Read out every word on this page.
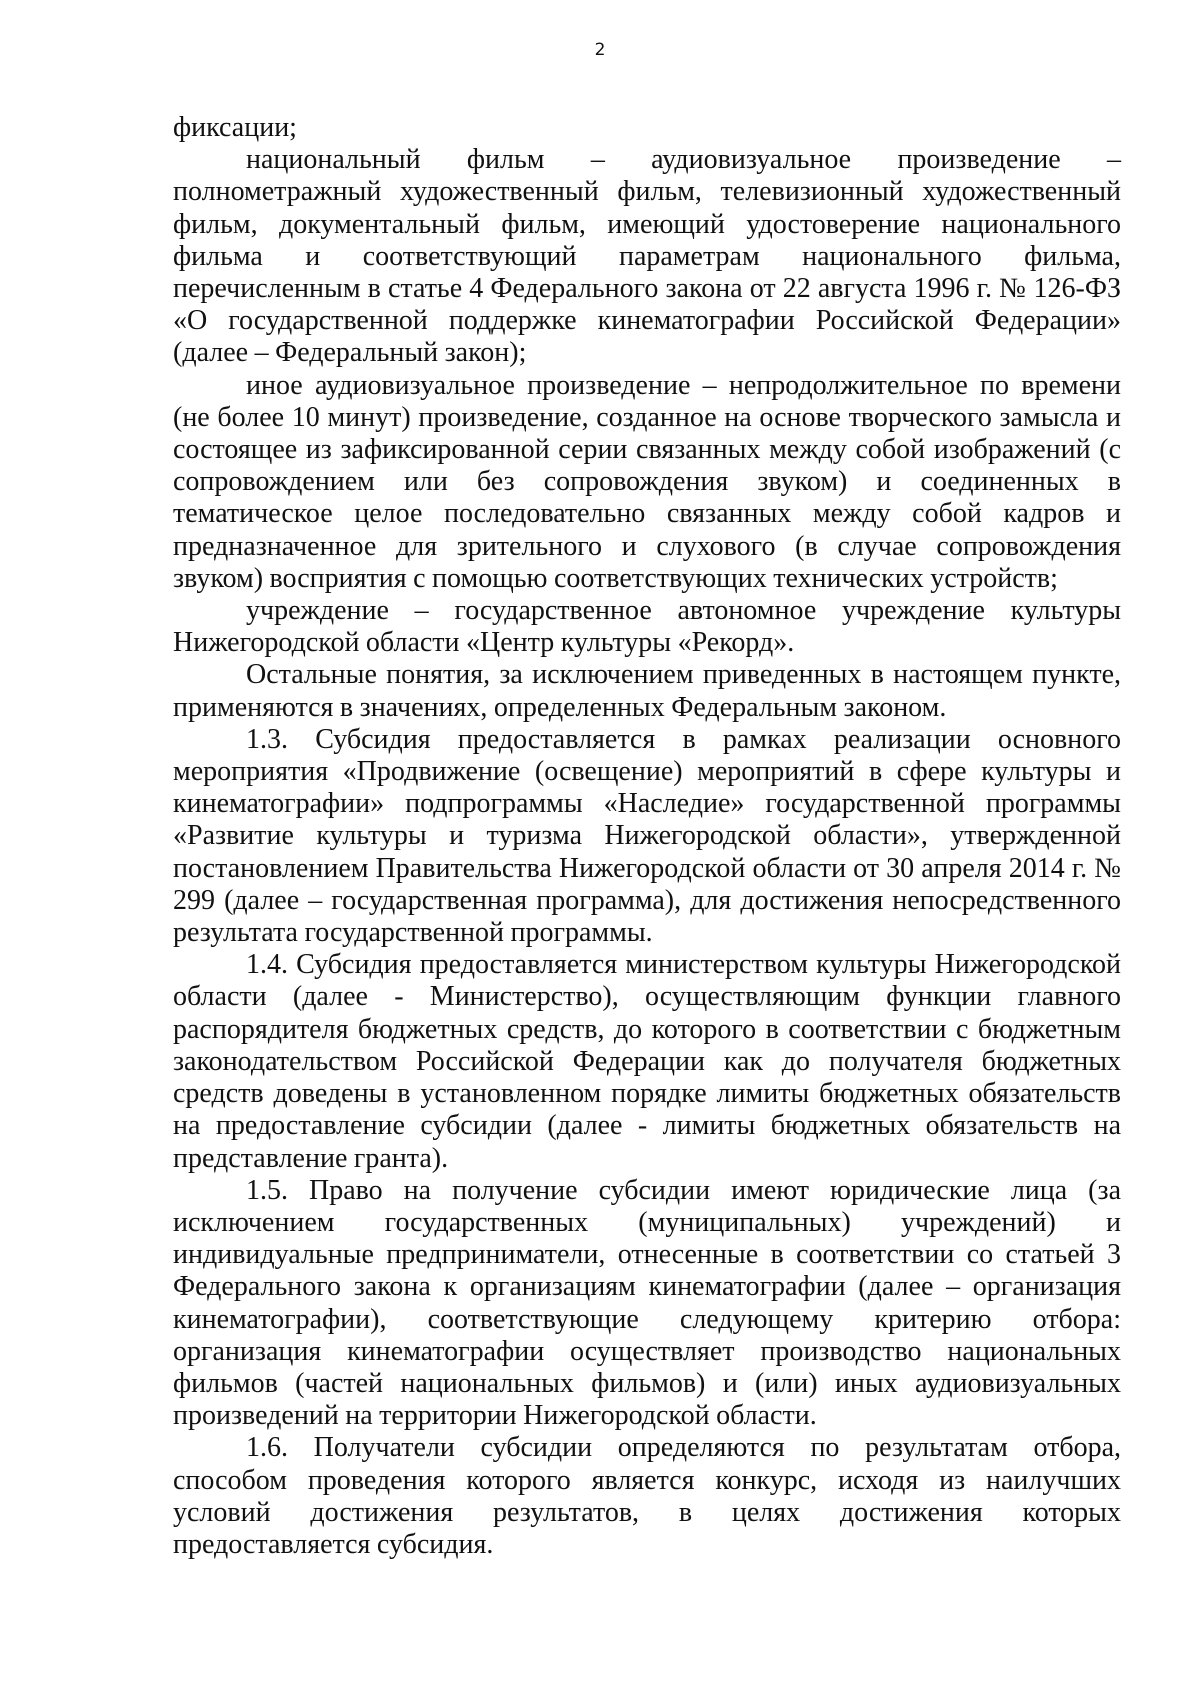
2

фиксации;

национальный фильм – аудиовизуальное произведение – полнометражный художественный фильм, телевизионный художественный фильм, документальный фильм, имеющий удостоверение национального фильма и соответствующий параметрам национального фильма, перечисленным в статье 4 Федерального закона от 22 августа 1996 г. № 126-ФЗ «О государственной поддержке кинематографии Российской Федерации» (далее – Федеральный закон);

иное аудиовизуальное произведение – непродолжительное по времени (не более 10 минут) произведение, созданное на основе творческого замысла и состоящее из зафиксированной серии связанных между собой изображений (с сопровождением или без сопровождения звуком) и соединенных в тематическое целое последовательно связанных между собой кадров и предназначенное для зрительного и слухового (в случае сопровождения звуком) восприятия с помощью соответствующих технических устройств;

учреждение – государственное автономное учреждение культуры Нижегородской области «Центр культуры «Рекорд».

Остальные понятия, за исключением приведенных в настоящем пункте, применяются в значениях, определенных Федеральным законом.

1.3. Субсидия предоставляется в рамках реализации основного мероприятия «Продвижение (освещение) мероприятий в сфере культуры и кинематографии» подпрограммы «Наследие» государственной программы «Развитие культуры и туризма Нижегородской области», утвержденной постановлением Правительства Нижегородской области от 30 апреля 2014 г. № 299 (далее – государственная программа), для достижения непосредственного результата государственной программы.

1.4. Субсидия предоставляется министерством культуры Нижегородской области (далее - Министерство), осуществляющим функции главного распорядителя бюджетных средств, до которого в соответствии с бюджетным законодательством Российской Федерации как до получателя бюджетных средств доведены в установленном порядке лимиты бюджетных обязательств на предоставление субсидии (далее - лимиты бюджетных обязательств на представление гранта).

1.5. Право на получение субсидии имеют юридические лица (за исключением государственных (муниципальных) учреждений) и индивидуальные предприниматели, отнесенные в соответствии со статьей 3 Федерального закона к организациям кинематографии (далее – организация кинематографии), соответствующие следующему критерию отбора: организация кинематографии осуществляет производство национальных фильмов (частей национальных фильмов) и (или) иных аудиовизуальных произведений на территории Нижегородской области.

1.6. Получатели субсидии определяются по результатам отбора, способом проведения которого является конкурс, исходя из наилучших условий достижения результатов, в целях достижения которых предоставляется субсидия.
